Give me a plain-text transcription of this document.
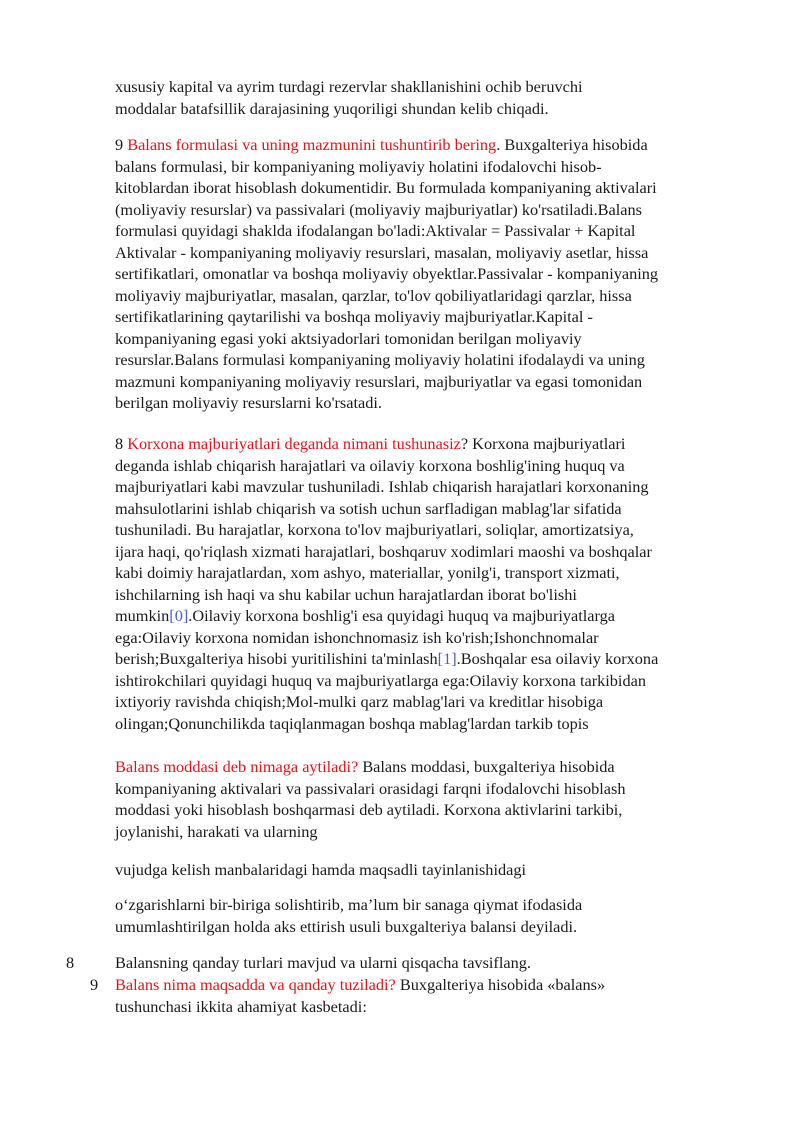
xususiy kapital va ayrim turdagi rezervlar shakllanishini ochib beruvchi
moddalar batafsillik darajasining yuqoriligi shundan kelib chiqadi.
9 Balans formulasi va uning mazmunini tushuntirib bering. Buxgalteriya hisobida
balans formulasi, bir kompaniyaning moliyaviy holatini ifodalovchi hisob-
kitoblardan iborat hisoblash dokumentidir. Bu formulada kompaniyaning aktivalari
(moliyaviy resurslar) va passivalari (moliyaviy majburiyatlar) ko'rsatiladi.Balans
formulasi quyidagi shaklda ifodalangan bo'ladi:Aktivalar = Passivalar + Kapital
Aktivalar - kompaniyaning moliyaviy resurslari, masalan, moliyaviy asetlar, hissa
sertifikatlari, omonatlar va boshqa moliyaviy obyektlar.Passivalar - kompaniyaning
moliyaviy majburiyatlar, masalan, qarzlar, to'lov qobiliyatlaridagi qarzlar, hissa
sertifikatlarining qaytarilishi va boshqa moliyaviy majburiyatlar.Kapital -
kompaniyaning egasi yoki aktsiyadorlari tomonidan berilgan moliyaviy
resurslar.Balans formulasi kompaniyaning moliyaviy holatini ifodalaydi va uning
mazmuni kompaniyaning moliyaviy resurslari, majburiyatlar va egasi tomonidan
berilgan moliyaviy resurslarni ko'rsatadi.
8 Korxona majburiyatlari deganda nimani tushunasiz? Korxona majburiyatlari
deganda ishlab chiqarish harajatlari va oilaviy korxona boshlig'ining huquq va
majburiyatlari kabi mavzular tushuniladi. Ishlab chiqarish harajatlari korxonaning
mahsulotlarini ishlab chiqarish va sotish uchun sarfladigan mablag'lar sifatida
tushuniladi. Bu harajatlar, korxona to'lov majburiyatlari, soliqlar, amortizatsiya,
ijara haqi, qo'riqlash xizmati harajatlari, boshqaruv xodimlari maoshi va boshqalar
kabi doimiy harajatlardan, xom ashyo, materiallar, yonilg'i, transport xizmati,
ishchilarning ish haqi va shu kabilar uchun harajatlardan iborat bo'lishi
mumkin[0].Oilaviy korxona boshlig'i esa quyidagi huquq va majburiyatlarga
ega:Oilaviy korxona nomidan ishonchnomasiz ish ko'rish;Ishonchnomalar
berish;Buxgalteriya hisobi yuritilishini ta'minlash[1].Boshqalar esa oilaviy korxona
ishtirokchilari quyidagi huquq va majburiyatlarga ega:Oilaviy korxona tarkibidan
ixtiyoriy ravishda chiqish;Mol-mulki qarz mablag'lari va kreditlar hisobiga
olingan;Qonunchilikda taqiqlanmagan boshqa mablag'lardan tarkib topis
Balans moddasi deb nimaga aytiladi? Balans moddasi, buxgalteriya hisobida
kompaniyaning aktivalari va passivalari orasidagi farqni ifodalovchi hisoblash
moddasi yoki hisoblash boshqarmasi deb aytiladi. Korxona aktivlarini tarkibi,
joylanishi, harakati va ularning
vujudga kelish manbalaridagi hamda maqsadli tayinlanishidagi
o‘zgarishlarni bir-biriga solishtirib, ma’lum bir sanaga qiymat ifodasida
umumlashtirilgan holda aks ettirish usuli buxgalteriya balansi deyiladi.
8	Balansning qanday turlari mavjud va ularni qisqacha tavsiflang.
9 Balans nima maqsadda va qanday tuziladi? Buxgalteriya hisobida «balans»
tushunchasi ikkita ahamiyat kasbetadi:
